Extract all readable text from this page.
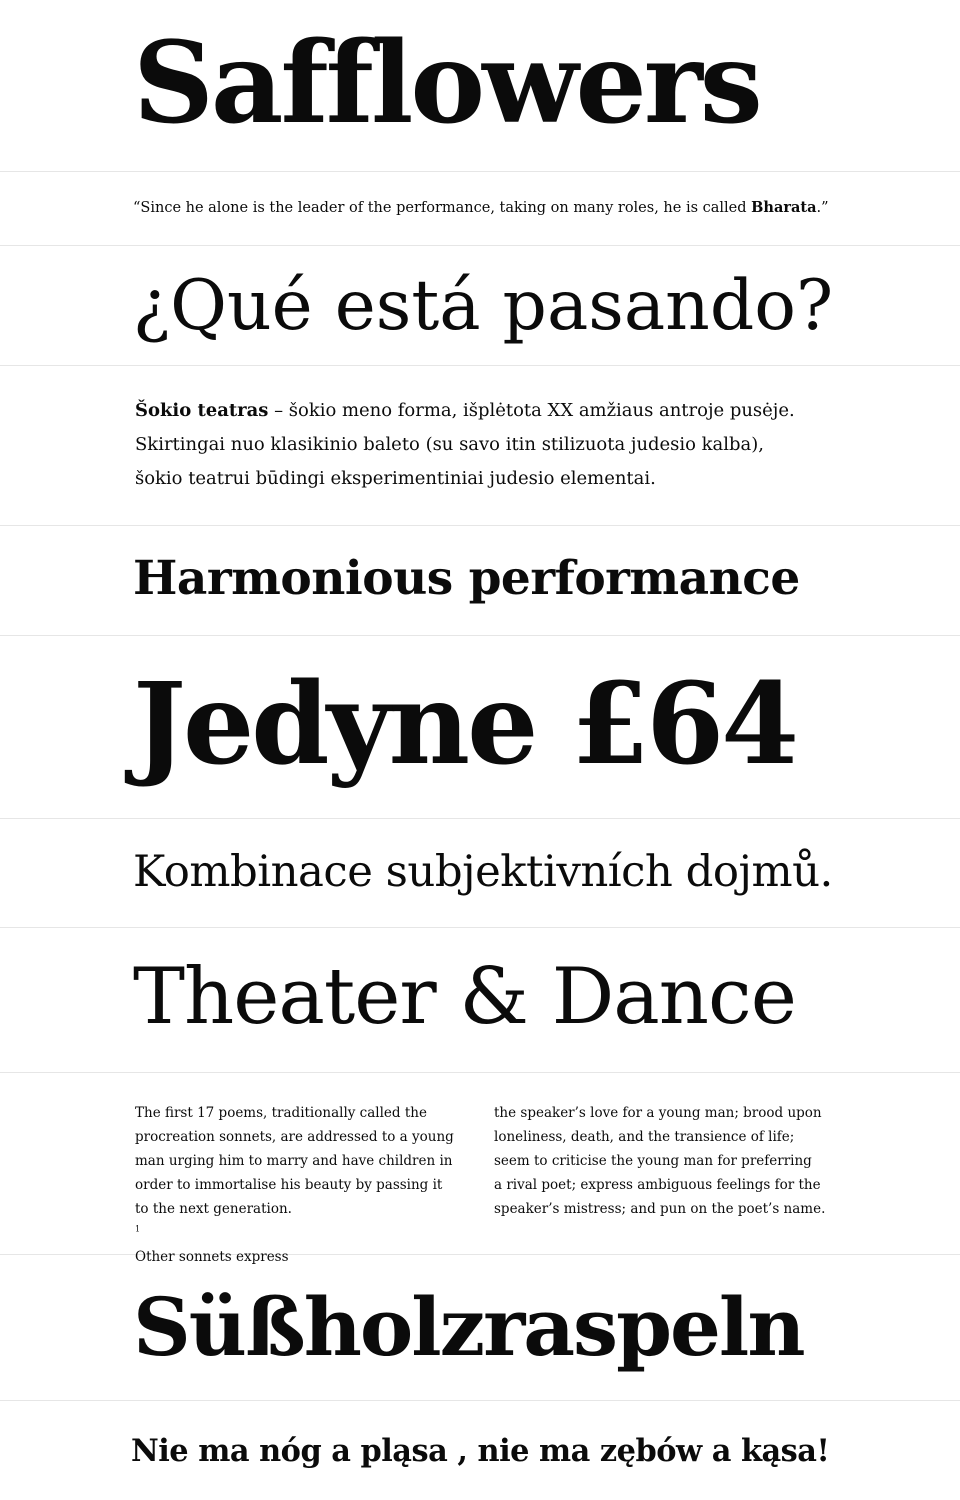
Safflowers
“Since he alone is the leader of the performance, taking on many roles, he is called Bharata.”
¿Qué está pasando?

Šokio teatras – šokio meno forma, išplėtota XX amžiaus antroje pusėje.

Skirtingai nuo klasikinio baleto (su savo itin stilizuota judesio kalba),

šokio teatrui būdingi eksperimentiniai judesio elementai.

Harmonious performance
Jedyne £64
Kombinace subjektivních dojmů.
Theater & Dance
The first 17 poems, traditionally called the
procreation sonnets, are addressed to a young
man urging him to marry and have children in
order to immortalise his beauty by passing it
to the next generation.
$^1$
Other sonnets express
the speaker’s love for a young man; brood upon
loneliness, death, and the transience of life;
seem to criticise the young man for preferring
a rival poet; express ambiguous feelings for the
speaker’s mistress; and pun on the poet’s name.
Süßholzraspeln
Nie ma nóg a pląsa , nie ma zębów a kąsa!
